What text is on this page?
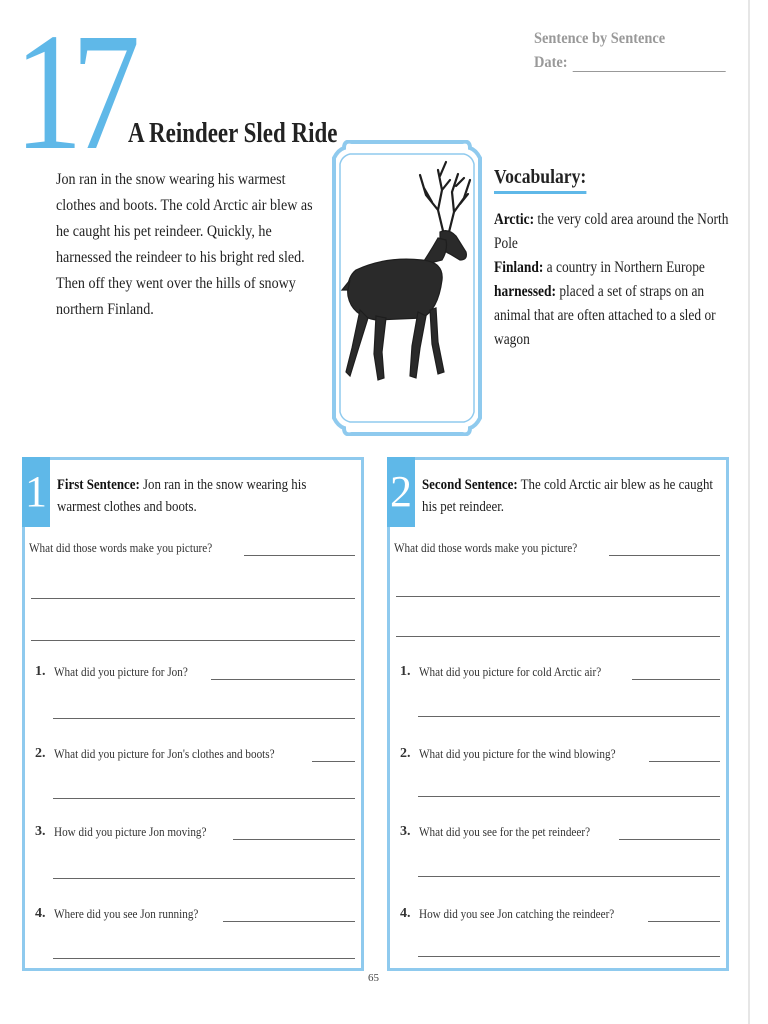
17	Sentence by Sentence
Date:
A Reindeer Sled Ride
Jon ran in the snow wearing his warmest clothes and boots. The cold Arctic air blew as he caught his pet reindeer. Quickly, he harnessed the reindeer to his bright red sled. Then off they went over the hills of snowy northern Finland.
Vocabulary:
Arctic: the very cold area around the North Pole
Finland: a country in Northern Europe
harnessed: placed a set of straps on an animal that are often attached to a sled or wagon
1 First Sentence: Jon ran in the snow wearing his
warmest clothes and boots.
What did those words make you picture?
1. What did you picture for Jon?
2. What did you picture for Jon's clothes and boots?
3. How did you picture Jon moving?
4. Where did you see Jon running?
2 Second Sentence: The cold Arctic air blew as he caught
his pet reindeer.
What did those words make you picture?
1. What did you picture for cold Arctic air?
2. What did you picture for the wind blowing?
3. What did you see for the pet reindeer?
4. How did you see Jon catching the reindeer?
65
